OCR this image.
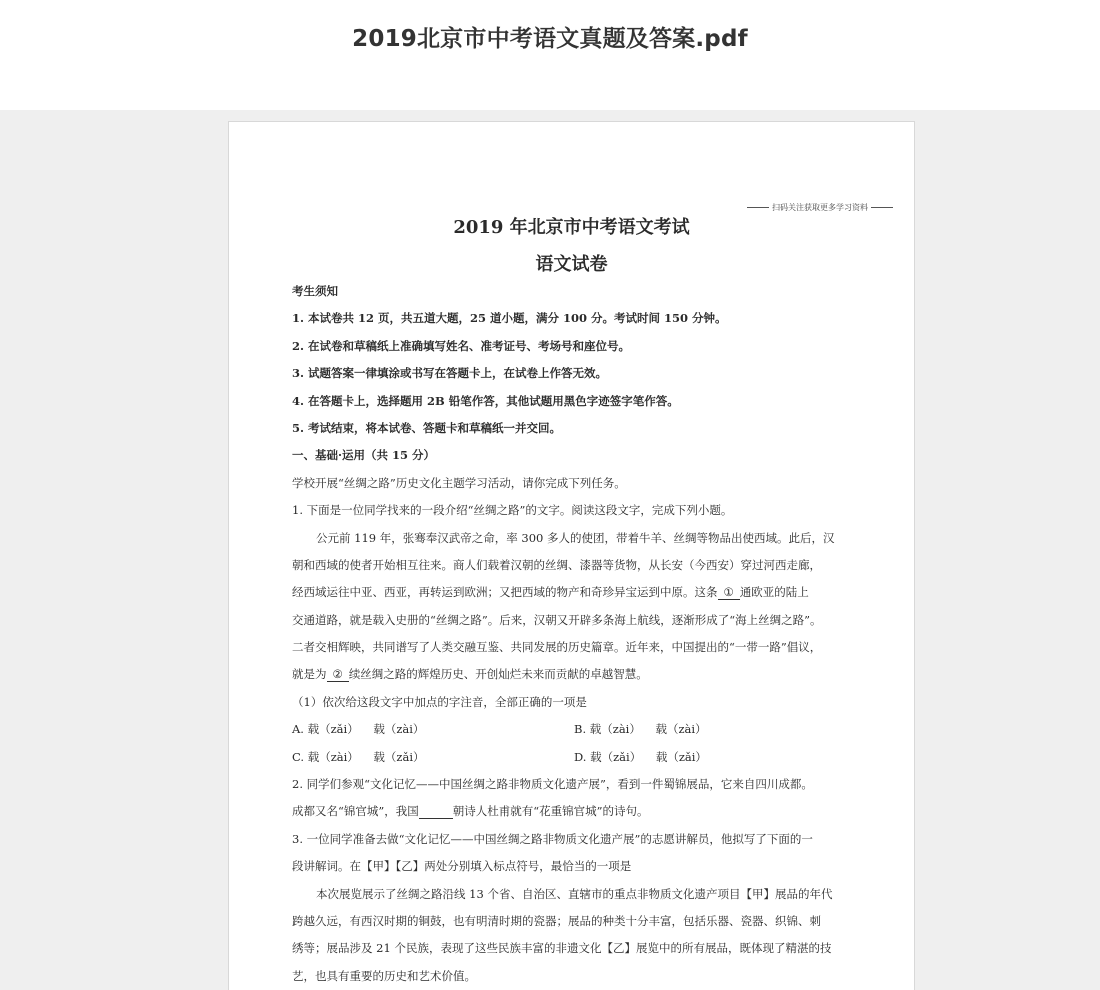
2019北京市中考语文真题及答案.pdf
扫码关注获取更多学习资料
2019 年北京市中考语文考试
语文试卷
考生须知
1. 本试卷共 12 页，共五道大题，25 道小题，满分 100 分。考试时间 150 分钟。
2. 在试卷和草稿纸上准确填写姓名、准考证号、考场号和座位号。
3. 试题答案一律填涂或书写在答题卡上，在试卷上作答无效。
4. 在答题卡上，选择题用 2B 铅笔作答，其他试题用黑色字迹签字笔作答。
5. 考试结束，将本试卷、答题卡和草稿纸一并交回。
一、基础·运用（共 15 分）
学校开展“丝绸之路”历史文化主题学习活动，请你完成下列任务。
1. 下面是一位同学找来的一段介绍“丝绸之路”的文字。阅读这段文字，完成下列小题。
公元前 119 年，张骞奉汉武帝之命，率 300 多人的使团，带着牛羊、丝绸等物品出使西域。此后，汉
朝和西域的使者开始相互往来。商人们载着汉朝的丝绸、漆器等货物，从长安（今西安）穿过河西走廊，
经西域运往中亚、西亚，再转运到欧洲；又把西域的物产和奇珍异宝运到中原。这条 ① 通欧亚的陆上
交通道路，就是载入史册的“丝绸之路”。后来，汉朝又开辟多条海上航线，逐渐形成了“海上丝绸之路”。
二者交相辉映，共同谱写了人类交融互鉴、共同发展的历史篇章。近年来，中国提出的“一带一路”倡议，
就是为 ② 续丝绸之路的辉煌历史、开创灿烂未来而贡献的卓越智慧。
（1）依次给这段文字中加点的字注音，全部正确的一项是
A. 载（zǎi） 载（zài）	B. 载（zài） 载（zài）
C. 载（zài） 载（zǎi）	D. 载（zǎi） 载（zǎi）
2. 同学们参观“文化记忆——中国丝绸之路非物质文化遗产展”，看到一件蜀锦展品，它来自四川成都。
成都又名“锦官城”，我国	朝诗人杜甫就有“花重锦官城”的诗句。
3. 一位同学准备去做“文化记忆——中国丝绸之路非物质文化遗产展”的志愿讲解员，他拟写了下面的一
段讲解词。在【甲】【乙】两处分别填入标点符号，最恰当的一项是
本次展览展示了丝绸之路沿线 13 个省、自治区、直辖市的重点非物质文化遗产项目【甲】展品的年代
跨越久远，有西汉时期的铜鼓，也有明清时期的瓷器；展品的种类十分丰富，包括乐器、瓷器、织锦、刺
绣等；展品涉及 21 个民族，表现了这些民族丰富的非遗文化【乙】展览中的所有展品，既体现了精湛的技
艺，也具有重要的历史和艺术价值。
